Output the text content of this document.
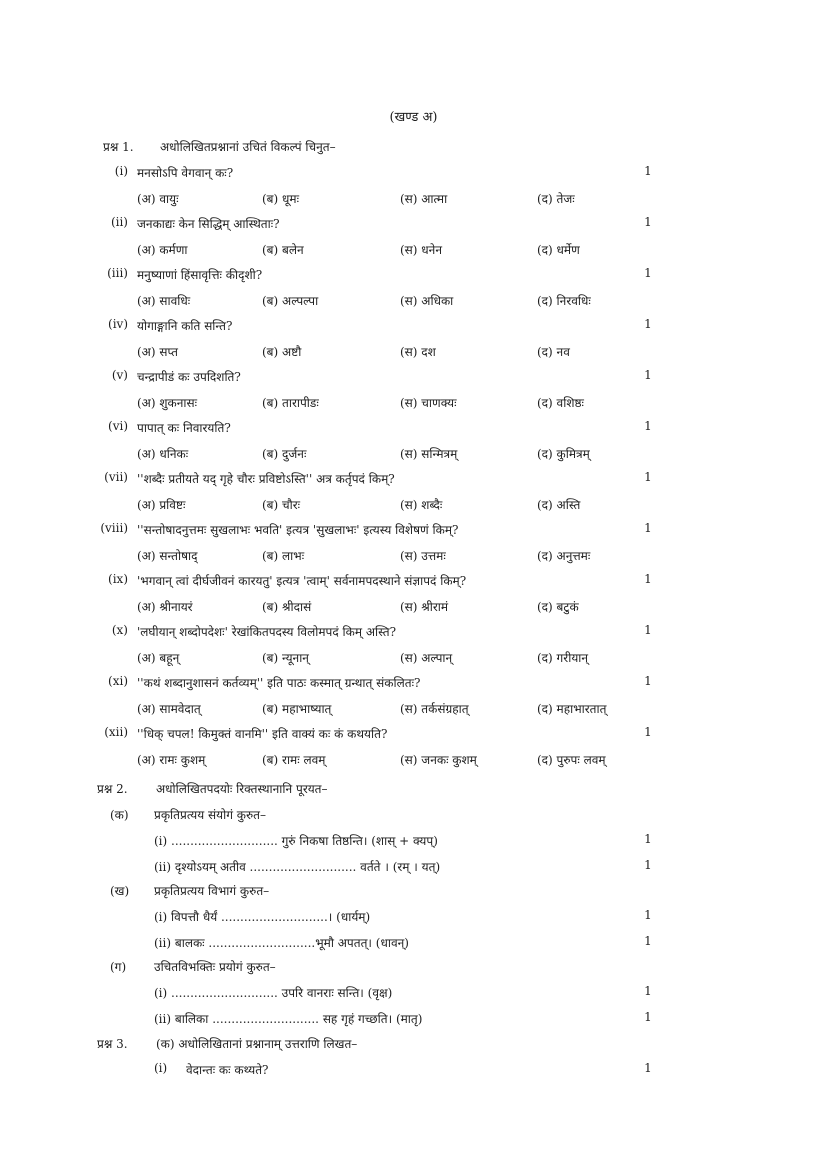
(खण्ड अ)
प्रश्न 1. अधोलिखितप्रश्नानां उचितं विकल्पं चिनुत–
(i) मनसोऽपि वेगवान् कः?	1
(अ) वायुः	(ब) धूमः	(स) आत्मा	(द) तेजः
(ii) जनकाद्यः केन सिद्धिम् आस्थिताः?	1
(अ) कर्मणा	(ब) बलेन	(स) धनेन	(द) धर्मेण
(iii) मनुष्याणां हिंसावृत्तिः कीदृशी?	1
(अ) सावधिः	(ब) अल्पल्पा	(स) अधिका	(द) निरवधिः
(iv) योगाङ्गानि कति सन्ति?	1
(अ) सप्त	(ब) अष्टौ	(स) दश	(द) नव
(v) चन्द्रापीडं कः उपदिशति?	1
(अ) शुकनासः	(ब) तारापीडः	(स) चाणक्यः	(द) वशिष्ठः
(vi) पापात् कः निवारयति?	1
(अ) धनिकः	(ब) दुर्जनः	(स) सन्मित्रम्	(द) कुमित्रम्
(vii) ''शब्दैः प्रतीयते यद् गृहे चौरः प्रविष्टोऽस्ति'' अत्र कर्तृपदं किम्?	1
(अ) प्रविष्टः	(ब) चौरः	(स) शब्दैः	(द) अस्ति
(viii) ''सन्तोषादनुत्तमः सुखलाभः भवति' इत्यत्र 'सुखलाभः' इत्यस्य विशेषणं किम्?	1
(अ) सन्तोषाद्	(ब) लाभः	(स) उत्तमः	(द) अनुत्तमः
(ix) 'भगवान् त्वां दीर्घजीवनं कारयतु' इत्यत्र 'त्वाम्' सर्वनामपदस्थाने संज्ञापदं किम्?	1
(अ) श्रीनायरं	(ब) श्रीदासं	(स) श्रीरामं	(द) बटुकं
(x) 'लघीयान् शब्दोपदेशः' रेखांकितपदस्य विलोमपदं किम् अस्ति?	1
(अ) बहून्	(ब) न्यूनान्	(स) अल्पान्	(द) गरीयान्
(xi) ''कथं शब्दानुशासनं कर्तव्यम्'' इति पाठः कस्मात् ग्रन्थात् संकलितः?	1
(अ) सामवेदात्	(ब) महाभाष्यात्	(स) तर्कसंग्रहात्	(द) महाभारतात्
(xii) ''धिक् चपल! किमुक्तं वानमि'' इति वाक्यं कः कं कथयति?	1
(अ) रामः कुशम्	(ब) रामः लवम्	(स) जनकः कुशम्	(द) पुरुपः लवम्
प्रश्न 2. अधोलिखितपदयोः रिक्तस्थानानि पूरयत–
(क) प्रकृतिप्रत्यय संयोगं कुरुत–
(i) ............................ गुरुं निकषा तिष्ठन्ति। (शास् + क्यप्)	1
(ii) दृश्योऽयम् अतीव ............................ वर्तते । (रम् । यत्)	1
(ख) प्रकृतिप्रत्यय विभागं कुरुत–
(i) विपत्तौ धैर्यं ............................। (धार्यम्)	1
(ii) बालकः ............................भूमौ अपतत्। (धावन्)	1
(ग) उचितविभक्तिः प्रयोगं कुरुत–
(i) ............................ उपरि वानराः सन्ति। (वृक्ष)	1
(ii) बालिका ............................ सह गृहं गच्छति। (मातृ)	1
प्रश्न 3. (क) अधोलिखितानां प्रश्नानाम् उत्तराणि लिखत–
(i) वेदान्तः कः कथ्यते?	1
